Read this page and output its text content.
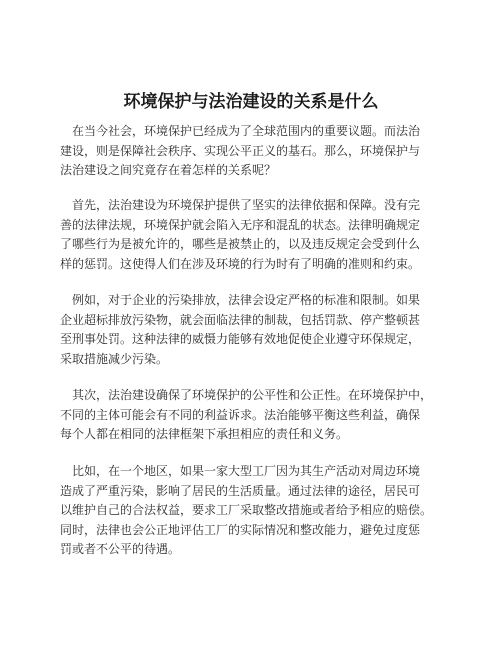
环境保护与法治建设的关系是什么
　在当今社会，环境保护已经成为了全球范围内的重要议题。而法治
建设，则是保障社会秩序、实现公平正义的基石。那么，环境保护与
法治建设之间究竟存在着怎样的关系呢？
　首先，法治建设为环境保护提供了坚实的法律依据和保障。没有完
善的法律法规，环境保护就会陷入无序和混乱的状态。法律明确规定
了哪些行为是被允许的，哪些是被禁止的，以及违反规定会受到什么
样的惩罚。这使得人们在涉及环境的行为时有了明确的准则和约束。
　例如，对于企业的污染排放，法律会设定严格的标准和限制。如果
企业超标排放污染物，就会面临法律的制裁，包括罚款、停产整顿甚
至刑事处罚。这种法律的威慑力能够有效地促使企业遵守环保规定，
采取措施减少污染。
　其次，法治建设确保了环境保护的公平性和公正性。在环境保护中，
不同的主体可能会有不同的利益诉求。法治能够平衡这些利益，确保
每个人都在相同的法律框架下承担相应的责任和义务。
　比如，在一个地区，如果一家大型工厂因为其生产活动对周边环境
造成了严重污染，影响了居民的生活质量。通过法律的途径，居民可
以维护自己的合法权益，要求工厂采取整改措施或者给予相应的赔偿。
同时，法律也会公正地评估工厂的实际情况和整改能力，避免过度惩
罚或者不公平的待遇。
